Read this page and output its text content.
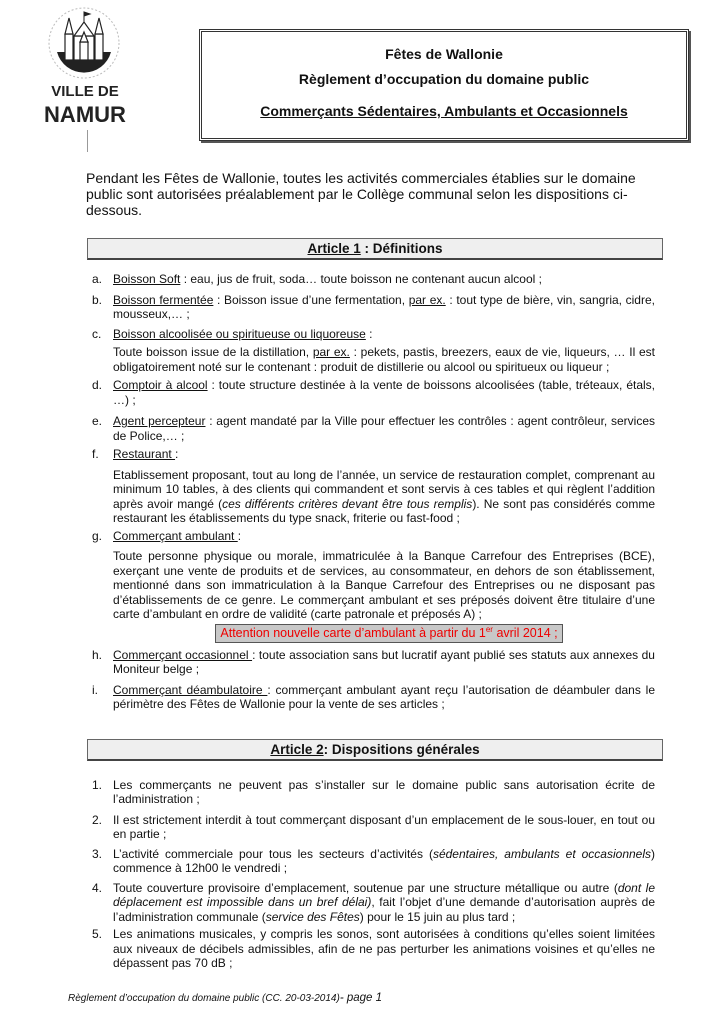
VILLE DE
NAMUR
Fêtes de Wallonie
Règlement d’occupation du domaine public
Commerçants Sédentaires, Ambulants et Occasionnels
Pendant les Fêtes de Wallonie, toutes les activités commerciales établies sur le domaine public sont autorisées préalablement par le Collège communal selon les dispositions ci-dessous.
Article 1 : Définitions
a. Boisson Soft : eau, jus de fruit, soda… toute boisson ne contenant aucun alcool ;
b. Boisson fermentée : Boisson issue d’une fermentation, par ex. : tout type de bière, vin, sangria, cidre, mousseux,… ;
c. Boisson alcoolisée ou spiritueuse ou liquoreuse :
Toute boisson issue de la distillation, par ex. : pekets, pastis, breezers, eaux de vie, liqueurs, … Il est obligatoirement noté sur le contenant : produit de distillerie ou alcool ou spiritueux ou liqueur ;
d. Comptoir à alcool : toute structure destinée à la vente de boissons alcoolisées (table, tréteaux, étals, …) ;
e. Agent percepteur : agent mandaté par la Ville pour effectuer les contrôles : agent contrôleur, services de Police,… ;
f. Restaurant :
Etablissement proposant, tout au long de l’année, un service de restauration complet, comprenant au minimum 10 tables, à des clients qui commandent et sont servis à ces tables et qui règlent l’addition après avoir mangé (ces différents critères devant être tous remplis). Ne sont pas considérés comme restaurant les établissements du type snack, friterie ou fast-food ;
g. Commerçant ambulant :
Toute personne physique ou morale, immatriculée à la Banque Carrefour des Entreprises (BCE), exerçant une vente de produits et de services, au consommateur, en dehors de son établissement, mentionné dans son immatriculation à la Banque Carrefour des Entreprises ou ne disposant pas d’établissements de ce genre. Le commerçant ambulant et ses préposés doivent être titulaire d’une carte d’ambulant en ordre de validité (carte patronale et préposés A) ;
Attention nouvelle carte d’ambulant à partir du 1er avril 2014 ;
h. Commerçant occasionnel : toute association sans but lucratif ayant publié ses statuts aux annexes du Moniteur belge ;
i. Commerçant déambulatoire : commerçant ambulant ayant reçu l’autorisation de déambuler dans le périmètre des Fêtes de Wallonie pour la vente de ses articles ;
Article 2: Dispositions générales
1. Les commerçants ne peuvent pas s’installer sur le domaine public sans autorisation écrite de l’administration ;
2. Il est strictement interdit à tout commerçant disposant d’un emplacement de le sous-louer, en tout ou en partie ;
3. L’activité commerciale pour tous les secteurs d’activités (sédentaires, ambulants et occasionnels) commence à 12h00 le vendredi ;
4. Toute couverture provisoire d’emplacement, soutenue par une structure métallique ou autre (dont le déplacement est impossible dans un bref délai), fait l’objet d’une demande d’autorisation auprès de l’administration communale (service des Fêtes) pour le 15 juin au plus tard ;
5. Les animations musicales, y compris les sonos, sont autorisées à conditions qu’elles soient limitées aux niveaux de décibels admissibles, afin de ne pas perturber les animations voisines et qu’elles ne dépassent pas 70 dB ;
Règlement d’occupation du domaine public (CC. 20-03-2014)- page 1
